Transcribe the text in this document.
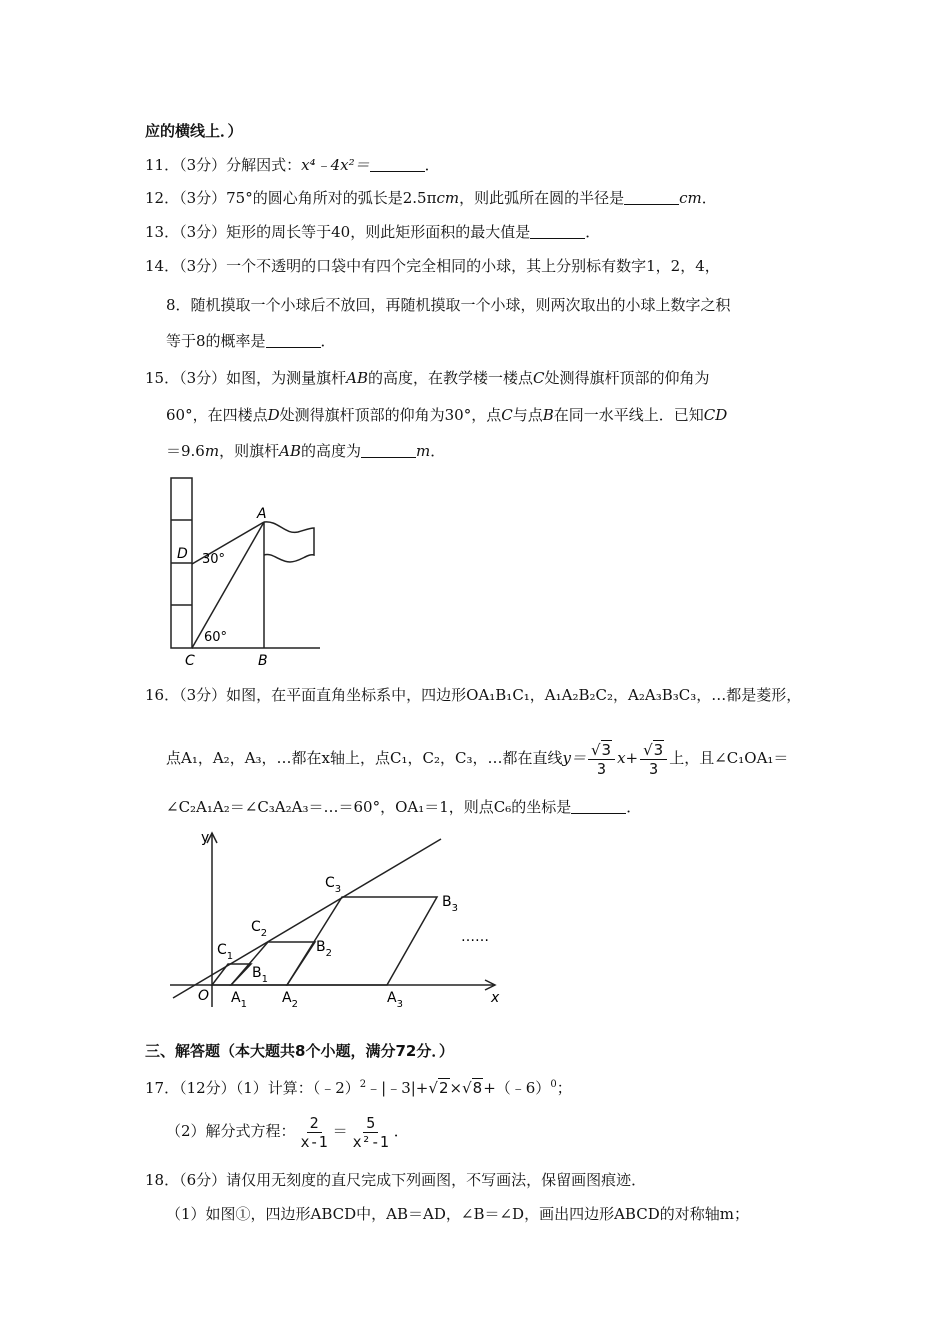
应的横线上．）
11．（3分）分解因式：x⁴﹣4x²＝	．
12．（3分）75°的圆心角所对的弧长是2.5πcm，则此弧所在圆的半径是	cm．
13．（3分）矩形的周长等于40，则此矩形面积的最大值是	．
14．（3分）一个不透明的口袋中有四个完全相同的小球，其上分别标有数字1，2，4，
8．随机摸取一个小球后不放回，再随机摸取一个小球，则两次取出的小球上数字之积
等于8的概率是	．
15．（3分）如图，为测量旗杆AB的高度，在教学楼一楼点C处测得旗杆顶部的仰角为
60°，在四楼点D处测得旗杆顶部的仰角为30°，点C与点B在同一水平线上．已知CD
＝9.6m，则旗杆AB的高度为	m．
A
D 30°
60°
C	B
16．（3分）如图，在平面直角坐标系中，四边形OA₁B₁C₁，A₁A₂B₂C₂，A₂A₃B₃C₃，…都是菱形，
点A₁，A₂，A₃，…都在x轴上，点C₁，C₂，C₃，…都在直线$y= \frac{√3}{3} x+ \frac{√3}{3}$ 上，且∠C₁OA₁＝
∠C₂A₁A₂＝∠C₃A₂A₃＝…＝60°，OA₁＝1，则点C₆的坐标是	．
y
x
O $A_1$	$A_2$	$A_3$
$B_1$
$B_2$
$B_3$
$C_1$
$C_2$
$C_3$
……
三、解答题（本大题共8个小题，满分72分．）
17．（12分）（1）计算：（﹣2）$^2$﹣|﹣3|+√2×√8+（﹣6）$^0$；
（2）解分式方程： $\frac{2}{x-1} = \frac{5}{\text{x²-1}}$ ．
18．（6分）请仅用无刻度的直尺完成下列画图，不写画法，保留画图痕迹．
（1）如图①，四边形ABCD中，AB＝AD，∠B＝∠D，画出四边形ABCD的对称轴m；
